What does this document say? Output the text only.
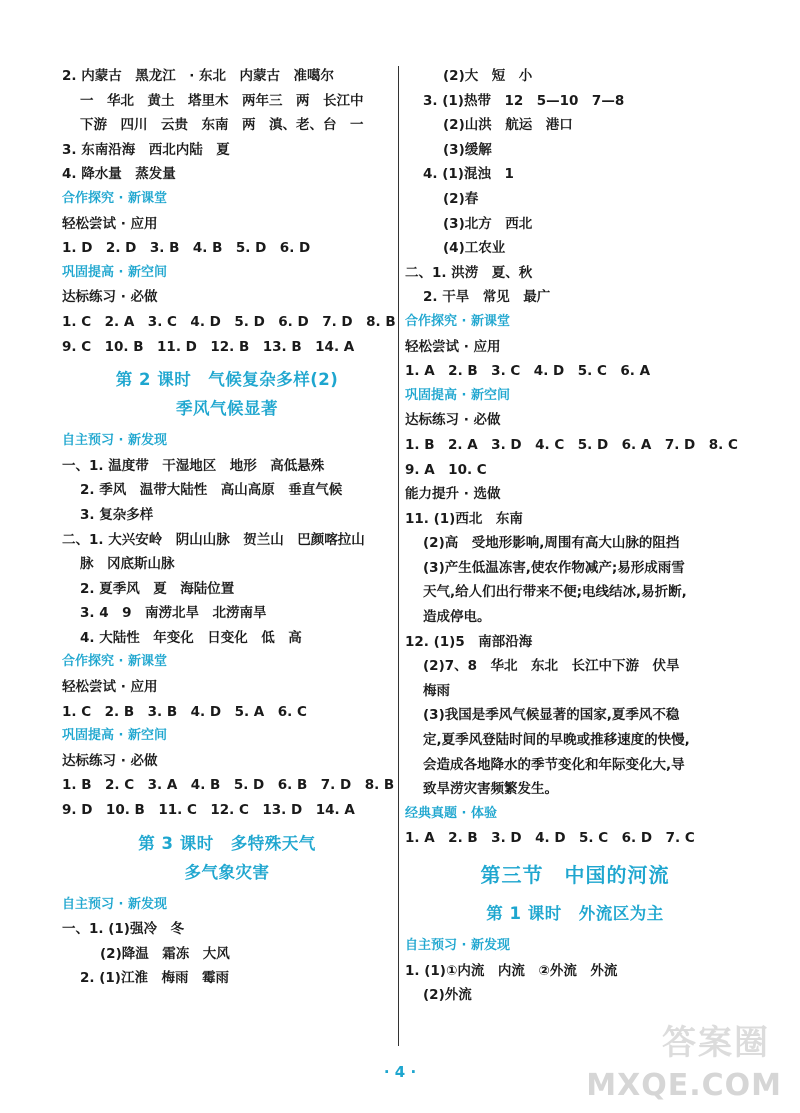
2. 内蒙古　黑龙江　· 东北　内蒙古　准噶尔
一　华北　黄土　塔里木　两年三　两　长江中
下游　四川　云贵　东南　两　滇、老、台　一
3. 东南沿海　西北内陆　夏
4. 降水量　蒸发量
合作探究 · 新课堂
轻松尝试 · 应用
1. D　2. D　3. B　4. B　5. D　6. D
巩固提高 · 新空间
达标练习 · 必做
1. C　2. A　3. C　4. D　5. D　6. D　7. D　8. B
9. C　10. B　11. D　12. B　13. B　14. A
第 2 课时　气候复杂多样(2)
季风气候显著
自主预习 · 新发现
一、1. 温度带　干湿地区　地形　高低悬殊
2. 季风　温带大陆性　高山高原　垂直气候
3. 复杂多样
二、1. 大兴安岭　阴山山脉　贺兰山　巴颜喀拉山
脉　冈底斯山脉
2. 夏季风　夏　海陆位置
3. 4　9　南涝北旱　北涝南旱
4. 大陆性　年变化　日变化　低　高
合作探究 · 新课堂
轻松尝试 · 应用
1. C　2. B　3. B　4. D　5. A　6. C
巩固提高 · 新空间
达标练习 · 必做
1. B　2. C　3. A　4. B　5. D　6. B　7. D　8. B
9. D　10. B　11. C　12. C　13. D　14. A
第 3 课时　多特殊天气
多气象灾害
自主预习 · 新发现
一、1. (1)强冷　冬
(2)降温　霜冻　大风
2. (1)江淮　梅雨　霉雨
(2)大　短　小
3. (1)热带　12　5—10　7—8
(2)山洪　航运　港口
(3)缓解
4. (1)混浊　1
(2)春
(3)北方　西北
(4)工农业
二、1. 洪涝　夏、秋
2. 干旱　常见　最广
合作探究 · 新课堂
轻松尝试 · 应用
1. A　2. B　3. C　4. D　5. C　6. A
巩固提高 · 新空间
达标练习 · 必做
1. B　2. A　3. D　4. C　5. D　6. A　7. D　8. C
9. A　10. C
能力提升 · 选做
11. (1)西北　东南
(2)高　受地形影响,周围有高大山脉的阻挡
(3)产生低温冻害,使农作物减产;易形成雨雪
天气,给人们出行带来不便;电线结冰,易折断,
造成停电。
12. (1)5　南部沿海
(2)7、8　华北　东北　长江中下游　伏旱
梅雨
(3)我国是季风气候显著的国家,夏季风不稳
定,夏季风登陆时间的早晚或推移速度的快慢,
会造成各地降水的季节变化和年际变化大,导
致旱涝灾害频繁发生。
经典真题 · 体验
1. A　2. B　3. D　4. D　5. C　6. D　7. C
第三节　中国的河流
第 1 课时　外流区为主
自主预习 · 新发现
1. (1)①内流　内流　②外流　外流
(2)外流
· 4 ·
答案圈
MXQE.COM
